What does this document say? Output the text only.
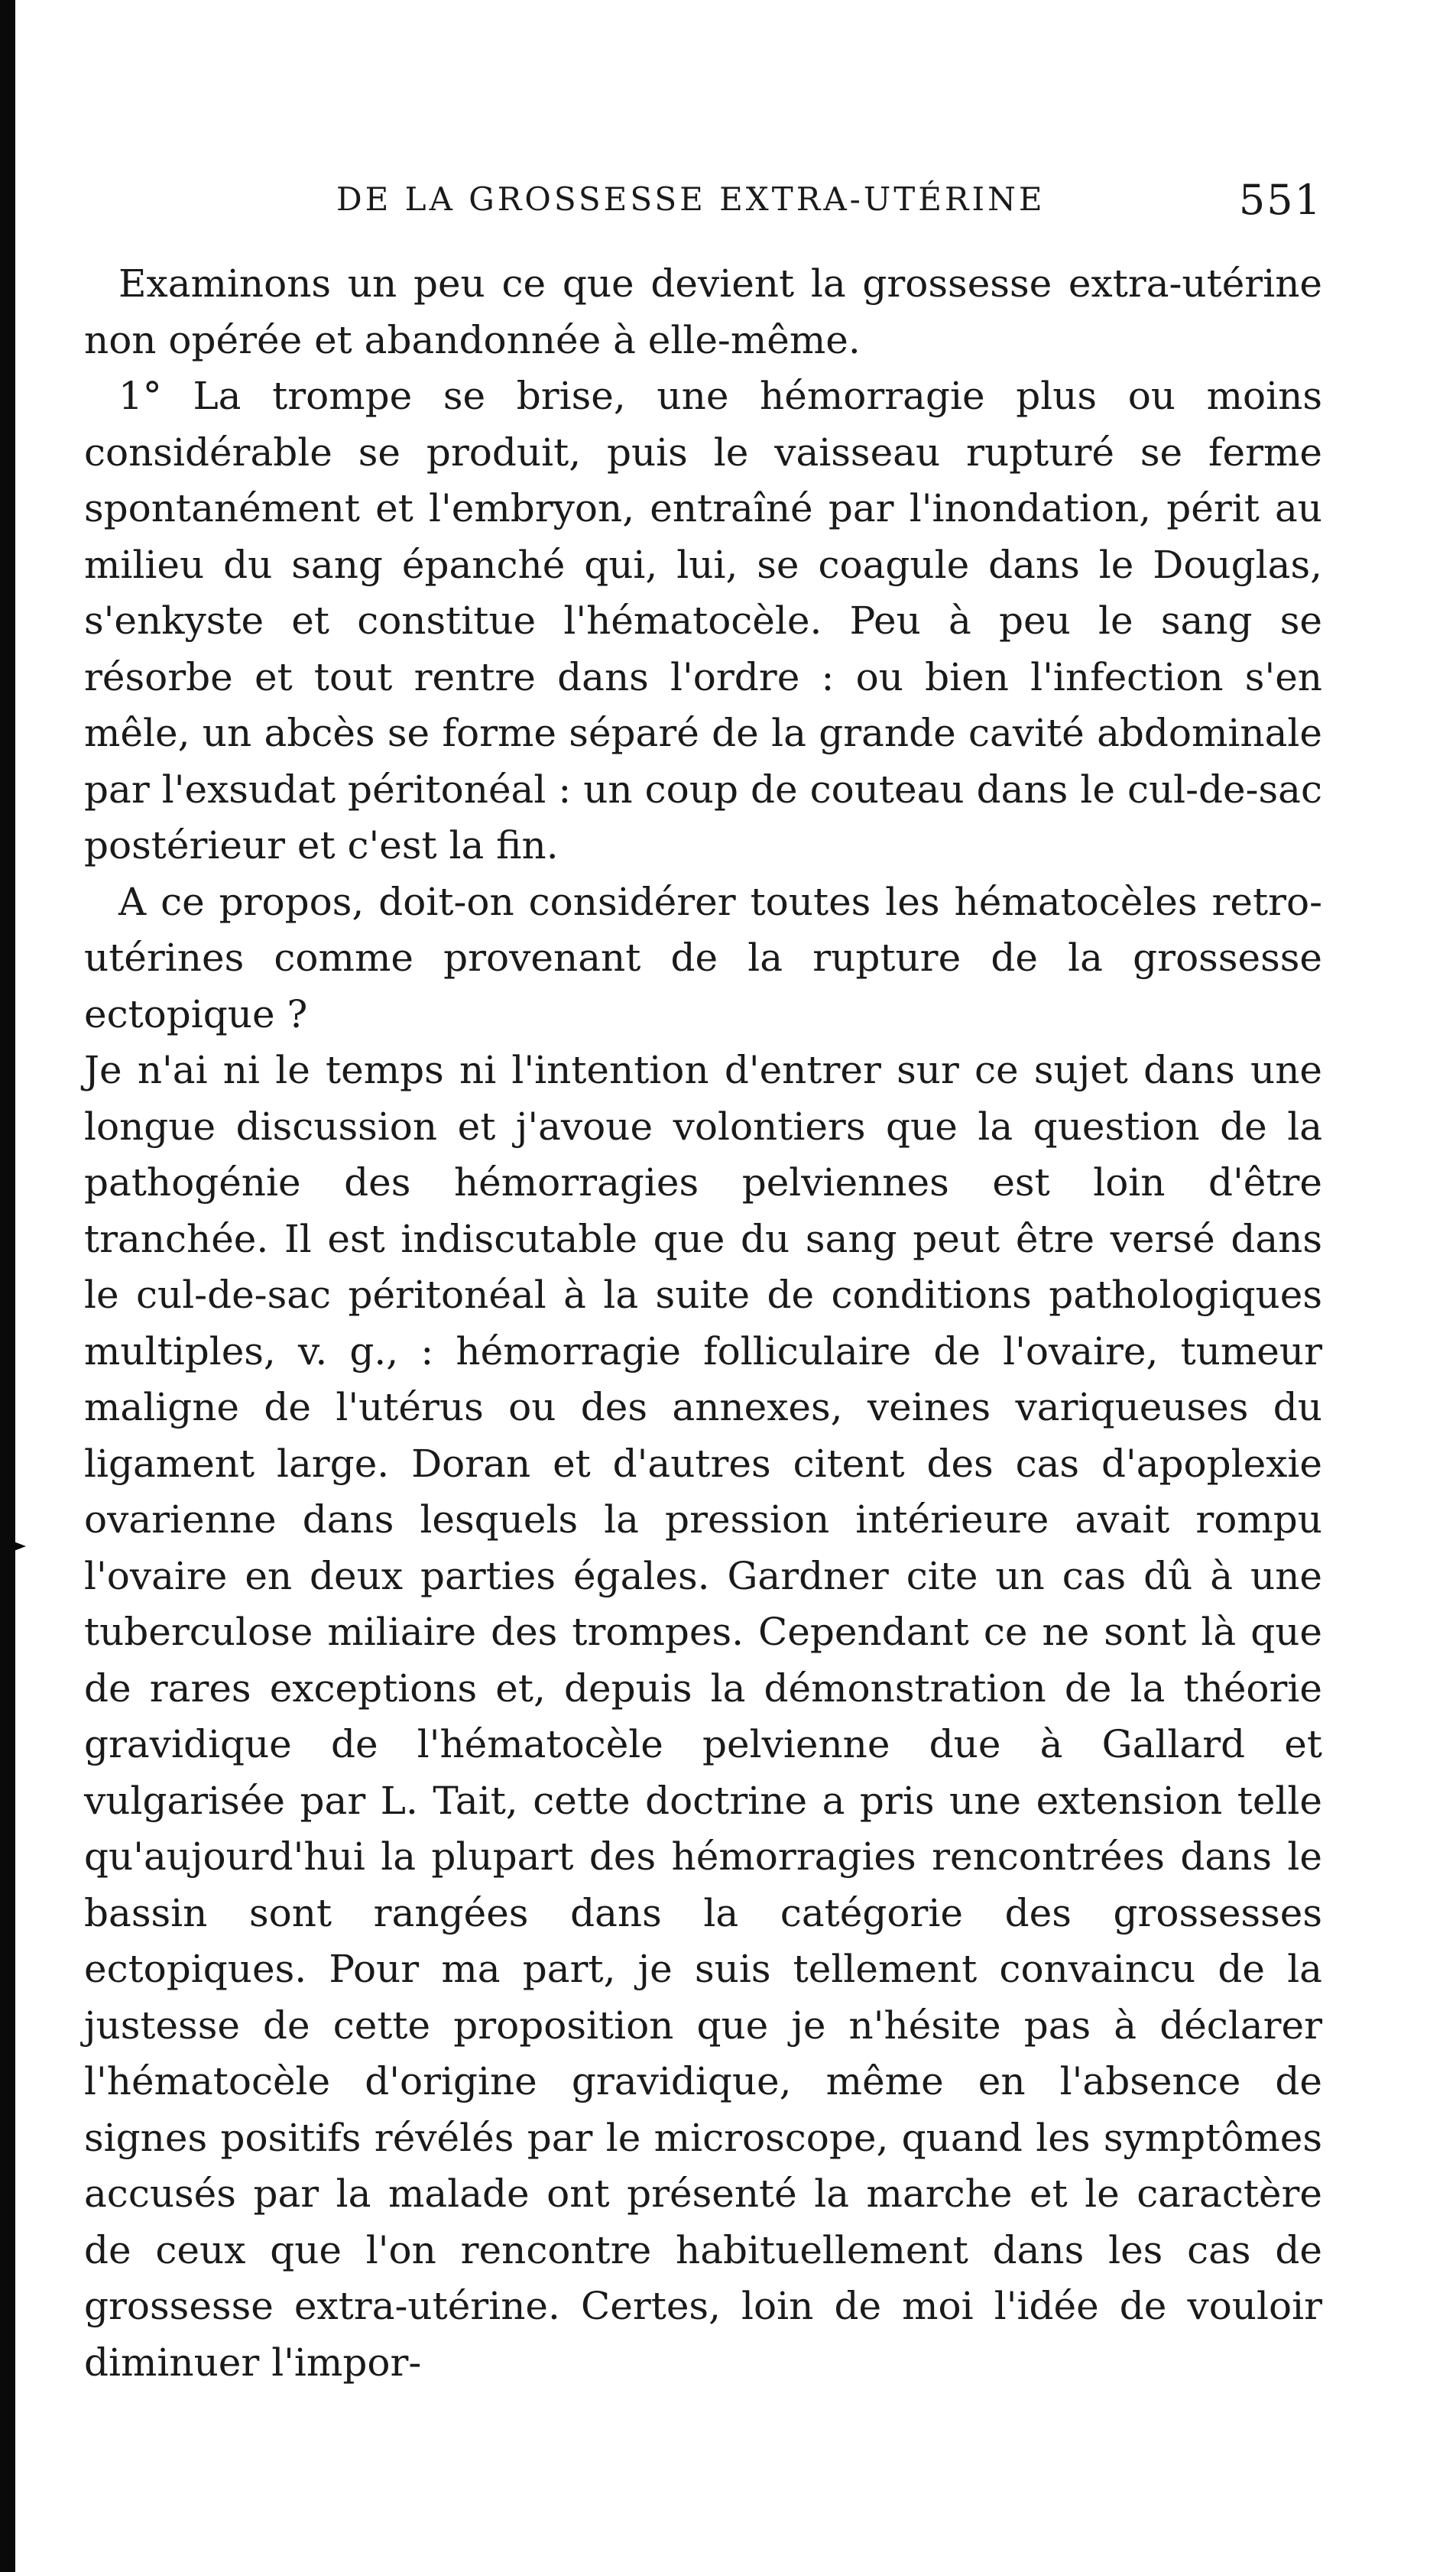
DE LA GROSSESSE EXTRA-UTÉRINE	551

Examinons un peu ce que devient la grossesse extra-utérine non opérée et abandonnée à elle-même.

1° La trompe se brise, une hémorragie plus ou moins considérable se produit, puis le vaisseau rupturé se ferme spontanément et l'embryon, entraîné par l'inondation, périt au milieu du sang épanché qui, lui, se coagule dans le Douglas, s'enkyste et constitue l'hématocèle. Peu à peu le sang se résorbe et tout rentre dans l'ordre : ou bien l'infection s'en mêle, un abcès se forme séparé de la grande cavité abdominale par l'exsudat péritonéal : un coup de couteau dans le cul-de-sac postérieur et c'est la fin.

A ce propos, doit-on considérer toutes les hématocèles retro-utérines comme provenant de la rupture de la grossesse ectopique ?

Je n'ai ni le temps ni l'intention d'entrer sur ce sujet dans une longue discussion et j'avoue volontiers que la question de la pathogénie des hémorragies pelviennes est loin d'être tranchée. Il est indiscutable que du sang peut être versé dans le cul-de-sac péritonéal à la suite de conditions pathologiques multiples, v. g., : hémorragie folliculaire de l'ovaire, tumeur maligne de l'utérus ou des annexes, veines variqueuses du ligament large. Doran et d'autres citent des cas d'apoplexie ovarienne dans lesquels la pression intérieure avait rompu l'ovaire en deux parties égales. Gardner cite un cas dû à une tuberculose miliaire des trompes. Cependant ce ne sont là que de rares exceptions et, depuis la démonstration de la théorie gravidique de l'hématocèle pelvienne due à Gallard et vulgarisée par L. Tait, cette doctrine a pris une extension telle qu'aujourd'hui la plupart des hémorragies rencontrées dans le bassin sont rangées dans la catégorie des grossesses ectopiques. Pour ma part, je suis tellement convaincu de la justesse de cette proposition que je n'hésite pas à déclarer l'hématocèle d'origine gravidique, même en l'absence de signes positifs révélés par le microscope, quand les symptômes accusés par la malade ont présenté la marche et le caractère de ceux que l'on rencontre habituellement dans les cas de grossesse extra-utérine. Certes, loin de moi l'idée de vouloir diminuer l'impor-
